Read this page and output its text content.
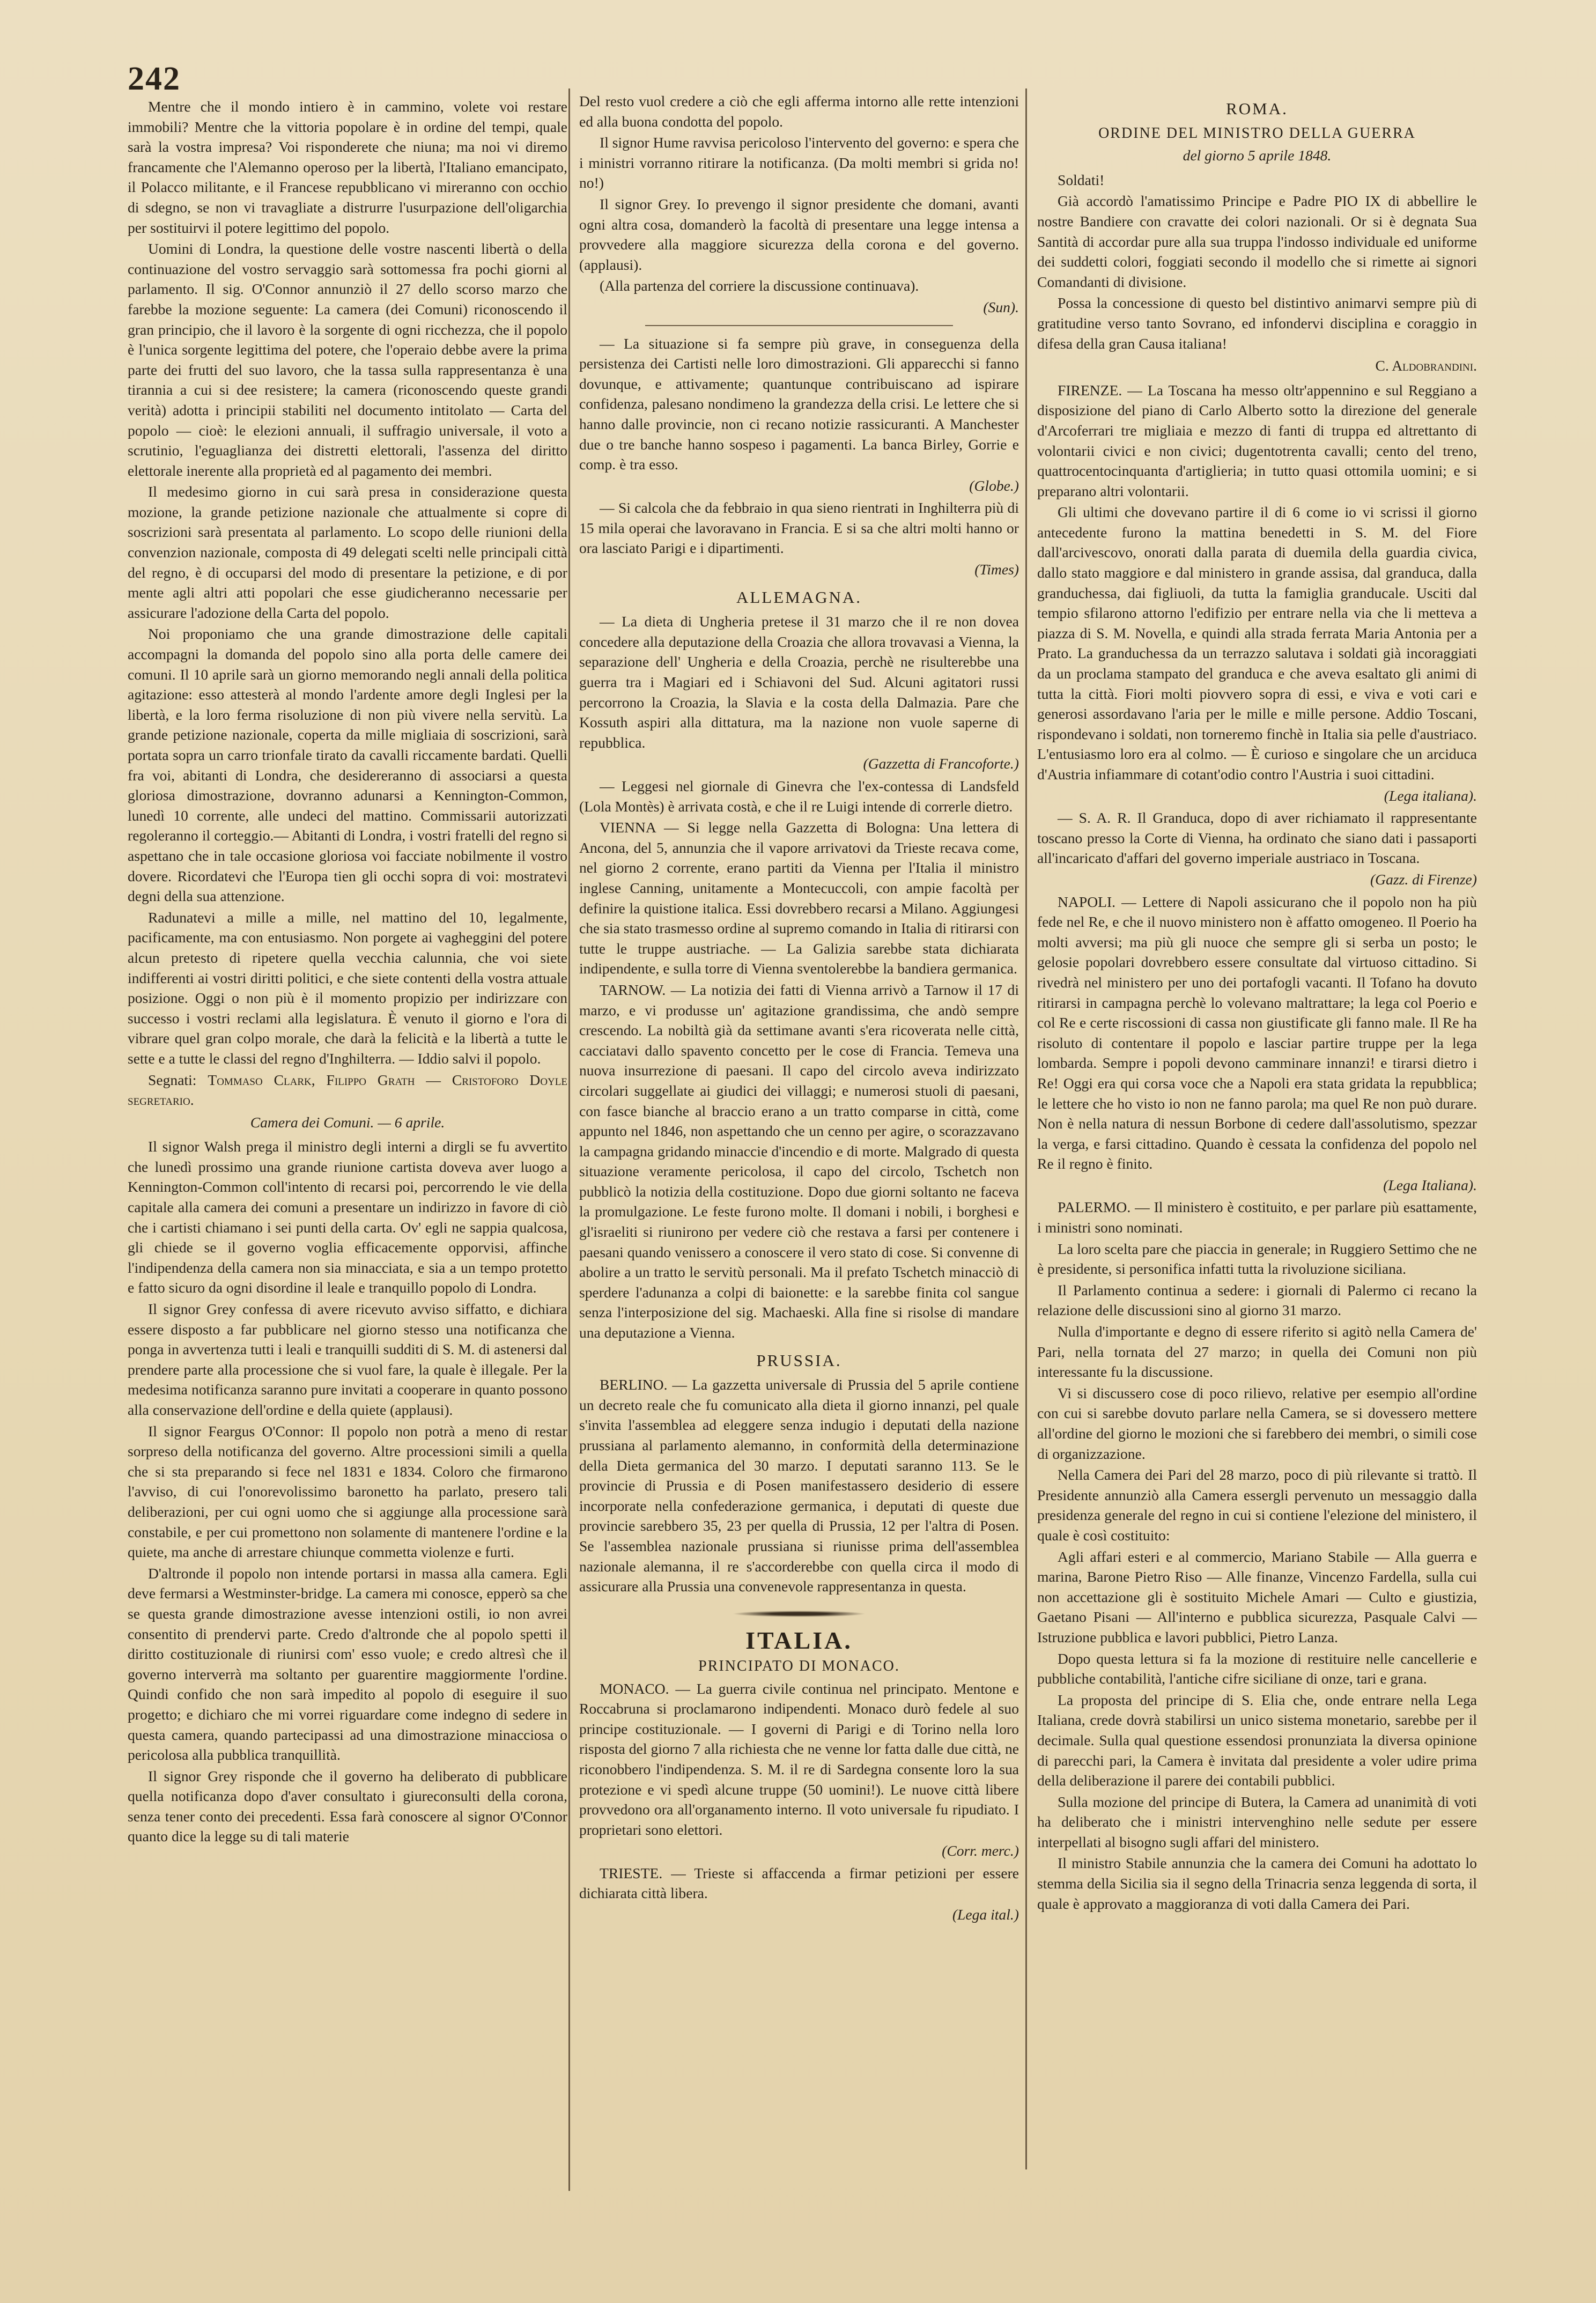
242

Mentre che il mondo intiero è in cammino, volete voi restare immobili? Mentre che la vittoria popolare è in ordine del tempi, quale sarà la vostra impresa? Voi risponderete che niuna; ma noi vi diremo francamente che l'Alemanno operoso per la libertà, l'Italiano emancipato, il Polacco militante, e il Francese repubblicano vi mireranno con occhio di sdegno, se non vi travagliate a distrurre l'usurpazione dell'oligarchia per sostituirvi il potere legittimo del popolo.

Uomini di Londra, la questione delle vostre nascenti libertà o della continuazione del vostro servaggio sarà sottomessa fra pochi giorni al parlamento. Il sig. O'Connor annunziò il 27 dello scorso marzo che farebbe la mozione seguente: La camera (dei Comuni) riconoscendo il gran principio, che il lavoro è la sorgente di ogni ricchezza, che il popolo è l'unica sorgente legittima del potere, che l'operaio debbe avere la prima parte dei frutti del suo lavoro, che la tassa sulla rappresentanza è una tirannia a cui si dee resistere; la camera (riconoscendo queste grandi verità) adotta i principii stabiliti nel documento intitolato — Carta del popolo — cioè: le elezioni annuali, il suffragio universale, il voto a scrutinio, l'eguaglianza dei distretti elettorali, l'assenza del diritto elettorale inerente alla proprietà ed al pagamento dei membri.

Il medesimo giorno in cui sarà presa in considerazione questa mozione, la grande petizione nazionale che attualmente si copre di soscrizioni sarà presentata al parlamento. Lo scopo delle riunioni della convenzion nazionale, composta di 49 delegati scelti nelle principali città del regno, è di occuparsi del modo di presentare la petizione, e di por mente agli altri atti popolari che esse giudicheranno necessarie per assicurare l'adozione della Carta del popolo.

Noi proponiamo che una grande dimostrazione delle capitali accompagni la domanda del popolo sino alla porta delle camere dei comuni. Il 10 aprile sarà un giorno memorando negli annali della politica agitazione: esso attesterà al mondo l'ardente amore degli Inglesi per la libertà, e la loro ferma risoluzione di non più vivere nella servitù. La grande petizione nazionale, coperta da mille migliaia di soscrizioni, sarà portata sopra un carro trionfale tirato da cavalli riccamente bardati. Quelli fra voi, abitanti di Londra, che desidereranno di associarsi a questa gloriosa dimostrazione, dovranno adunarsi a Kennington-Common, lunedì 10 corrente, alle undeci del mattino. Commissarii autorizzati regoleranno il corteggio.— Abitanti di Londra, i vostri fratelli del regno si aspettano che in tale occasione gloriosa voi facciate nobilmente il vostro dovere. Ricordatevi che l'Europa tien gli occhi sopra di voi: mostratevi degni della sua attenzione.

Radunatevi a mille a mille, nel mattino del 10, legalmente, pacificamente, ma con entusiasmo. Non porgete ai vagheggini del potere alcun pretesto di ripetere quella vecchia calunnia, che voi siete indifferenti ai vostri diritti politici, e che siete contenti della vostra attuale posizione. Oggi o non più è il momento propizio per indirizzare con successo i vostri reclami alla legislatura. È venuto il giorno e l'ora di vibrare quel gran colpo morale, che darà la felicità e la libertà a tutte le sette e a tutte le classi del regno d'Inghilterra. — Iddio salvi il popolo.

Segnati: Tommaso Clark, Filippo Grath — Cristoforo Doyle segretario.

Camera dei Comuni. — 6 aprile.

Il signor Walsh prega il ministro degli interni a dirgli se fu avvertito che lunedì prossimo una grande riunione cartista doveva aver luogo a Kennington-Common coll'intento di recarsi poi, percorrendo le vie della capitale alla camera dei comuni a presentare un indirizzo in favore di ciò che i cartisti chiamano i sei punti della carta. Ov' egli ne sappia qualcosa, gli chiede se il governo voglia efficacemente opporvisi, affinche l'indipendenza della camera non sia minacciata, e sia a un tempo protetto e fatto sicuro da ogni disordine il leale e tranquillo popolo di Londra.

Il signor Grey confessa di avere ricevuto avviso siffatto, e dichiara essere disposto a far pubblicare nel giorno stesso una notificanza che ponga in avvertenza tutti i leali e tranquilli sudditi di S. M. di astenersi dal prendere parte alla processione che si vuol fare, la quale è illegale. Per la medesima notificanza saranno pure invitati a cooperare in quanto possono alla conservazione dell'ordine e della quiete (applausi).

Il signor Feargus O'Connor: Il popolo non potrà a meno di restar sorpreso della notificanza del governo. Altre processioni simili a quella che si sta preparando si fece nel 1831 e 1834. Coloro che firmarono l'avviso, di cui l'onorevolissimo baronetto ha parlato, presero tali deliberazioni, per cui ogni uomo che si aggiunge alla processione sarà constabile, e per cui promettono non solamente di mantenere l'ordine e la quiete, ma anche di arrestare chiunque commetta violenze e furti.

D'altronde il popolo non intende portarsi in massa alla camera. Egli deve fermarsi a Westminster-bridge. La camera mi conosce, epperò sa che se questa grande dimostrazione avesse intenzioni ostili, io non avrei consentito di prendervi parte. Credo d'altronde che al popolo spetti il diritto costituzionale di riunirsi com' esso vuole; e credo altresì che il governo interverrà ma soltanto per guarentire maggiormente l'ordine. Quindi confido che non sarà impedito al popolo di eseguire il suo progetto; e dichiaro che mi vorrei riguardare come indegno di sedere in questa camera, quando partecipassi ad una dimostrazione minacciosa o pericolosa alla pubblica tranquillità.

Il signor Grey risponde che il governo ha deliberato di pubblicare quella notificanza dopo d'aver consultato i giureconsulti della corona, senza tener conto dei precedenti. Essa farà conoscere al signor O'Connor quanto dice la legge su di tali materie

Del resto vuol credere a ciò che egli afferma intorno alle rette intenzioni ed alla buona condotta del popolo.

Il signor Hume ravvisa pericoloso l'intervento del governo: e spera che i ministri vorranno ritirare la notificanza. (Da molti membri si grida no! no!)

Il signor Grey. Io prevengo il signor presidente che domani, avanti ogni altra cosa, domanderò la facoltà di presentare una legge intensa a provvedere alla maggiore sicurezza della corona e del governo. (applausi).

(Alla partenza del corriere la discussione continuava).

(Sun).

— La situazione si fa sempre più grave, in conseguenza della persistenza dei Cartisti nelle loro dimostrazioni. Gli apparecchi si fanno dovunque, e attivamente; quantunque contribuiscano ad ispirare confidenza, palesano nondimeno la grandezza della crisi. Le lettere che si hanno dalle provincie, non ci recano notizie rassicuranti. A Manchester due o tre banche hanno sospeso i pagamenti. La banca Birley, Gorrie e comp. è tra esso.

(Globe.)

— Si calcola che da febbraio in qua sieno rientrati in Inghilterra più di 15 mila operai che lavoravano in Francia. E si sa che altri molti hanno or ora lasciato Parigi e i dipartimenti.

(Times)
ALLEMAGNA.

— La dieta di Ungheria pretese il 31 marzo che il re non dovea concedere alla deputazione della Croazia che allora trovavasi a Vienna, la separazione dell' Ungheria e della Croazia, perchè ne risulterebbe una guerra tra i Magiari ed i Schiavoni del Sud. Alcuni agitatori russi percorrono la Croazia, la Slavia e la costa della Dalmazia. Pare che Kossuth aspiri alla dittatura, ma la nazione non vuole saperne di repubblica.

(Gazzetta di Francoforte.)

— Leggesi nel giornale di Ginevra che l'ex-contessa di Landsfeld (Lola Montès) è arrivata costà, e che il re Luigi intende di correrle dietro.

VIENNA — Si legge nella Gazzetta di Bologna: Una lettera di Ancona, del 5, annunzia che il vapore arrivatovi da Trieste recava come, nel giorno 2 corrente, erano partiti da Vienna per l'Italia il ministro inglese Canning, unitamente a Montecuccoli, con ampie facoltà per definire la quistione italica. Essi dovrebbero recarsi a Milano. Aggiungesi che sia stato trasmesso ordine al supremo comando in Italia di ritirarsi con tutte le truppe austriache. — La Galizia sarebbe stata dichiarata indipendente, e sulla torre di Vienna sventolerebbe la bandiera germanica.

TARNOW. — La notizia dei fatti di Vienna arrivò a Tarnow il 17 di marzo, e vi produsse un' agitazione grandissima, che andò sempre crescendo. La nobiltà già da settimane avanti s'era ricoverata nelle città, cacciatavi dallo spavento concetto per le cose di Francia. Temeva una nuova insurrezione di paesani. Il capo del circolo aveva indirizzato circolari suggellate ai giudici dei villaggi; e numerosi stuoli di paesani, con fasce bianche al braccio erano a un tratto comparse in città, come appunto nel 1846, non aspettando che un cenno per agire, o scorazzavano la campagna gridando minaccie d'incendio e di morte. Malgrado di questa situazione veramente pericolosa, il capo del circolo, Tschetch non pubblicò la notizia della costituzione. Dopo due giorni soltanto ne faceva la promulgazione. Le feste furono molte. Il domani i nobili, i borghesi e gl'israeliti si riunirono per vedere ciò che restava a farsi per contenere i paesani quando venissero a conoscere il vero stato di cose. Si convenne di abolire a un tratto le servitù personali. Ma il prefato Tschetch minacciò di sperdere l'adunanza a colpi di baionette: e la sarebbe finita col sangue senza l'interposizione del sig. Machaeski. Alla fine si risolse di mandare una deputazione a Vienna.

PRUSSIA.

BERLINO. — La gazzetta universale di Prussia del 5 aprile contiene un decreto reale che fu comunicato alla dieta il giorno innanzi, pel quale s'invita l'assemblea ad eleggere senza indugio i deputati della nazione prussiana al parlamento alemanno, in conformità della determinazione della Dieta germanica del 30 marzo. I deputati saranno 113. Se le provincie di Prussia e di Posen manifestassero desiderio di essere incorporate nella confederazione germanica, i deputati di queste due provincie sarebbero 35, 23 per quella di Prussia, 12 per l'altra di Posen. Se l'assemblea nazionale prussiana si riunisse prima dell'assemblea nazionale alemanna, il re s'accorderebbe con quella circa il modo di assicurare alla Prussia una convenevole rappresentanza in questa.

ITALIA.
PRINCIPATO DI MONACO.

MONACO. — La guerra civile continua nel principato. Mentone e Roccabruna si proclamarono indipendenti. Monaco durò fedele al suo principe costituzionale. — I governi di Parigi e di Torino nella loro risposta del giorno 7 alla richiesta che ne venne lor fatta dalle due città, ne riconobbero l'indipendenza. S. M. il re di Sardegna consente loro la sua protezione e vi spedì alcune truppe (50 uomini!). Le nuove città libere provvedono ora all'organamento interno. Il voto universale fu ripudiato. I proprietari sono elettori.

(Corr. merc.)

TRIESTE. — Trieste si affaccenda a firmar petizioni per essere dichiarata città libera.

(Lega ital.)
ROMA.
ORDINE DEL MINISTRO DELLA GUERRA
del giorno 5 aprile 1848.

Soldati!

Già accordò l'amatissimo Principe e Padre PIO IX di abbellire le nostre Bandiere con cravatte dei colori nazionali. Or si è degnata Sua Santità di accordar pure alla sua truppa l'indosso individuale ed uniforme dei suddetti colori, foggiati secondo il modello che si rimette ai signori Comandanti di divisione.

Possa la concessione di questo bel distintivo animarvi sempre più di gratitudine verso tanto Sovrano, ed infondervi disciplina e coraggio in difesa della gran Causa italiana!

C. Aldobrandini.

FIRENZE. — La Toscana ha messo oltr'appennino e sul Reggiano a disposizione del piano di Carlo Alberto sotto la direzione del generale d'Arcoferrari tre migliaia e mezzo di fanti di truppa ed altrettanto di volontarii civici e non civici; dugentotrenta cavalli; cento del treno, quattrocentocinquanta d'artiglieria; in tutto quasi ottomila uomini; e si preparano altri volontarii.

Gli ultimi che dovevano partire il di 6 come io vi scrissi il giorno antecedente furono la mattina benedetti in S. M. del Fiore dall'arcivescovo, onorati dalla parata di duemila della guardia civica, dallo stato maggiore e dal ministero in grande assisa, dal granduca, dalla granduchessa, dai figliuoli, da tutta la famiglia granducale. Usciti dal tempio sfilarono attorno l'edifizio per entrare nella via che li metteva a piazza di S. M. Novella, e quindi alla strada ferrata Maria Antonia per a Prato. La granduchessa da un terrazzo salutava i soldati già incoraggiati da un proclama stampato del granduca e che aveva esaltato gli animi di tutta la città. Fiori molti piovvero sopra di essi, e viva e voti cari e generosi assordavano l'aria per le mille e mille persone. Addio Toscani, rispondevano i soldati, non torneremo finchè in Italia sia pelle d'austriaco. L'entusiasmo loro era al colmo. — È curioso e singolare che un arciduca d'Austria infiammare di cotant'odio contro l'Austria i suoi cittadini.

(Lega italiana).

— S. A. R. Il Granduca, dopo di aver richiamato il rappresentante toscano presso la Corte di Vienna, ha ordinato che siano dati i passaporti all'incaricato d'affari del governo imperiale austriaco in Toscana.

(Gazz. di Firenze)

NAPOLI. — Lettere di Napoli assicurano che il popolo non ha più fede nel Re, e che il nuovo ministero non è affatto omogeneo. Il Poerio ha molti avversi; ma più gli nuoce che sempre gli si serba un posto; le gelosie popolari dovrebbero essere consultate dal virtuoso cittadino. Si rivedrà nel ministero per uno dei portafogli vacanti. Il Tofano ha dovuto ritirarsi in campagna perchè lo volevano maltrattare; la lega col Poerio e col Re e certe riscossioni di cassa non giustificate gli fanno male. Il Re ha risoluto di contentare il popolo e lasciar partire truppe per la lega lombarda. Sempre i popoli devono camminare innanzi! e tirarsi dietro i Re! Oggi era qui corsa voce che a Napoli era stata gridata la repubblica; le lettere che ho visto io non ne fanno parola; ma quel Re non può durare. Non è nella natura di nessun Borbone di cedere dall'assolutismo, spezzar la verga, e farsi cittadino. Quando è cessata la confidenza del popolo nel Re il regno è finito.

(Lega Italiana).

PALERMO. — Il ministero è costituito, e per parlare più esattamente, i ministri sono nominati.

La loro scelta pare che piaccia in generale; in Ruggiero Settimo che ne è presidente, si personifica infatti tutta la rivoluzione siciliana.

Il Parlamento continua a sedere: i giornali di Palermo ci recano la relazione delle discussioni sino al giorno 31 marzo.

Nulla d'importante e degno di essere riferito si agitò nella Camera de' Pari, nella tornata del 27 marzo; in quella dei Comuni non più interessante fu la discussione.

Vi si discussero cose di poco rilievo, relative per esempio all'ordine con cui si sarebbe dovuto parlare nella Camera, se si dovessero mettere all'ordine del giorno le mozioni che si farebbero dei membri, o simili cose di organizzazione.

Nella Camera dei Pari del 28 marzo, poco di più rilevante si trattò. Il Presidente annunziò alla Camera essergli pervenuto un messaggio dalla presidenza generale del regno in cui si contiene l'elezione del ministero, il quale è così costituito:

Agli affari esteri e al commercio, Mariano Stabile — Alla guerra e marina, Barone Pietro Riso — Alle finanze, Vincenzo Fardella, sulla cui non accettazione gli è sostituito Michele Amari — Culto e giustizia, Gaetano Pisani — All'interno e pubblica sicurezza, Pasquale Calvi — Istruzione pubblica e lavori pubblici, Pietro Lanza.

Dopo questa lettura si fa la mozione di restituire nelle cancellerie e pubbliche contabilità, l'antiche cifre siciliane di onze, tari e grana.

La proposta del principe di S. Elia che, onde entrare nella Lega Italiana, crede dovrà stabilirsi un unico sistema monetario, sarebbe per il decimale. Sulla qual questione essendosi pronunziata la diversa opinione di parecchi pari, la Camera è invitata dal presidente a voler udire prima della deliberazione il parere dei contabili pubblici.

Sulla mozione del principe di Butera, la Camera ad unanimità di voti ha deliberato che i ministri intervenghino nelle sedute per essere interpellati al bisogno sugli affari del ministero.

Il ministro Stabile annunzia che la camera dei Comuni ha adottato lo stemma della Sicilia sia il segno della Trinacria senza leggenda di sorta, il quale è approvato a maggioranza di voti dalla Camera dei Pari.
